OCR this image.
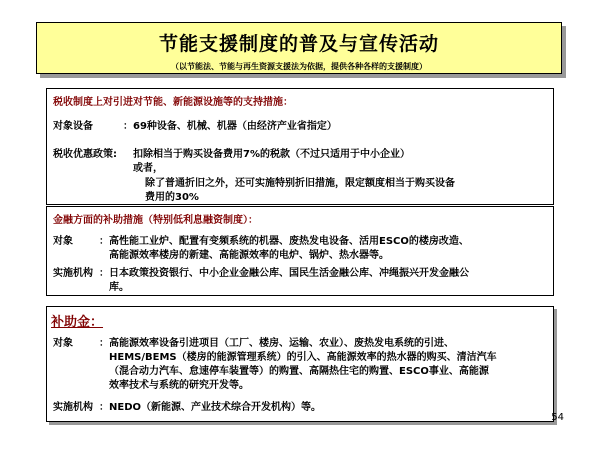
节能支援制度的普及与宣传活动
（以节能法、节能与再生资源支援法为依据，提供各种各样的支援制度）
税收制度上对引进对节能、新能源设施等的支持措施：
对象设备	：69种设备、机械、机器（由经济产业省指定）
税收优惠政策: 扣除相当于购买设备费用7%的税款（不过只适用于中小企业）
或者，
除了普通折旧之外，还可实施特别折旧措施，限定额度相当于购买设备
费用的30%
金融方面的补助措施（特别低利息融资制度）：
对象	：高性能工业炉、配置有变频系统的机器、废热发电设备、活用ESCO的楼房改造、
高能源效率楼房的新建、高能源效率的电炉、锅炉、热水器等。
实施机构 ：日本政策投资银行、中小企业金融公库、国民生活金融公库、冲绳振兴开发金融公
库。
补助金：
对象	：高能源效率设备引进项目（工厂、楼房、运输、农业）、废热发电系统的引进、
HEMS/BEMS（楼房的能源管理系统）的引入、高能源效率的热水器的购买、清洁汽车
（混合动力汽车、怠速停车装置等）的购置、高隔热住宅的购置、ESCO事业、高能源
效率技术与系统的研究开发等。
实施机构 ：NEDO（新能源、产业技术综合开发机构）等。
54
